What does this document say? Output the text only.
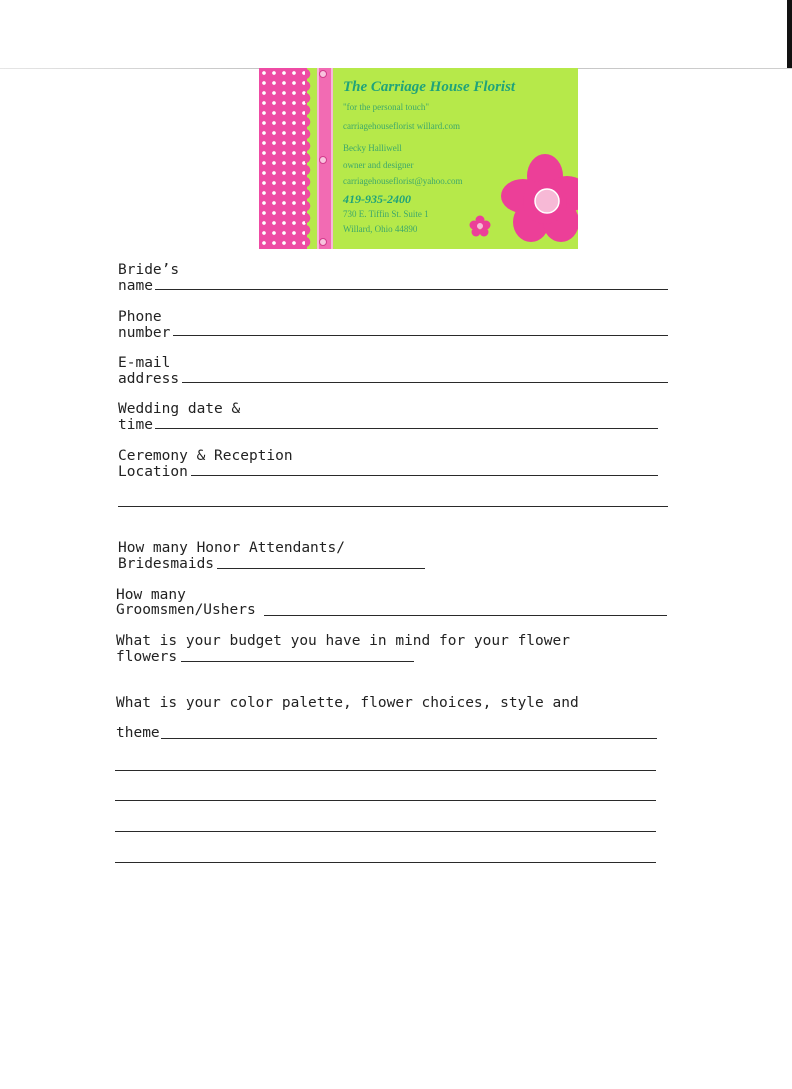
The Carriage House Florist
"for the personal touch"
carriagehouseflorist willard.com
Becky Halliwell
owner and designer
carriagehouseflorist@yahoo.com
419-935-2400
730 E. Tiffin St. Suite 1
Willard, Ohio 44890
Bride’s
name
Phone
number
E-mail
address
Wedding date &
time
Ceremony & Reception
Location
How many Honor Attendants/
Bridesmaids
How many
Groomsmen/Ushers
What is your budget you have in mind for your flower
flowers
What is your color palette, flower choices, style and
theme
